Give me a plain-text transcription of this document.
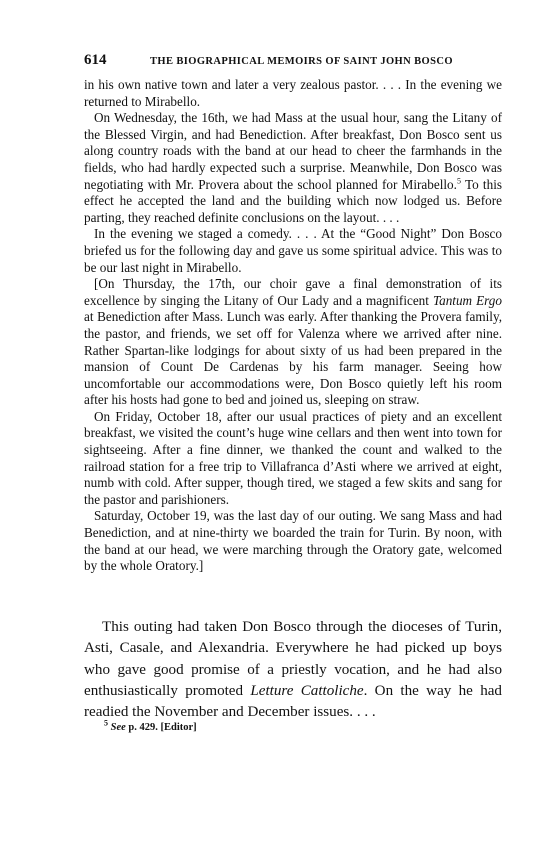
614	THE BIOGRAPHICAL MEMOIRS OF SAINT JOHN BOSCO

in his own native town and later a very zealous pastor. . . . In the evening we returned to Mirabello.

On Wednesday, the 16th, we had Mass at the usual hour, sang the Litany of the Blessed Virgin, and had Benediction. After breakfast, Don Bosco sent us along country roads with the band at our head to cheer the farmhands in the fields, who had hardly expected such a surprise. Meanwhile, Don Bosco was negotiating with Mr. Provera about the school planned for Mirabello.$^5$ To this effect he accepted the land and the building which now lodged us. Before parting, they reached definite conclusions on the layout. . . .

In the evening we staged a comedy. . . . At the “Good Night” Don Bosco briefed us for the following day and gave us some spiritual advice. This was to be our last night in Mirabello.

[On Thursday, the 17th, our choir gave a final demonstration of its excellence by singing the Litany of Our Lady and a magnificent Tantum Ergo at Benediction after Mass. Lunch was early. After thanking the Provera family, the pastor, and friends, we set off for Valenza where we arrived after nine. Rather Spartan-like lodgings for about sixty of us had been prepared in the mansion of Count De Cardenas by his farm manager. Seeing how uncomfortable our accommodations were, Don Bosco quietly left his room after his hosts had gone to bed and joined us, sleeping on straw.

On Friday, October 18, after our usual practices of piety and an excellent breakfast, we visited the count’s huge wine cellars and then went into town for sightseeing. After a fine dinner, we thanked the count and walked to the railroad station for a free trip to Villafranca d’Asti where we arrived at eight, numb with cold. After supper, though tired, we staged a few skits and sang for the pastor and parishioners.

Saturday, October 19, was the last day of our outing. We sang Mass and had Benediction, and at nine-thirty we boarded the train for Turin. By noon, with the band at our head, we were marching through the Oratory gate, welcomed by the whole Oratory.]

This outing had taken Don Bosco through the dioceses of Turin, Asti, Casale, and Alexandria. Everywhere he had picked up boys who gave good promise of a priestly vocation, and he had also enthusiastically promoted Letture Cattoliche. On the way he had readied the November and December issues. . . .

$^5$ See p. 429. [Editor]
